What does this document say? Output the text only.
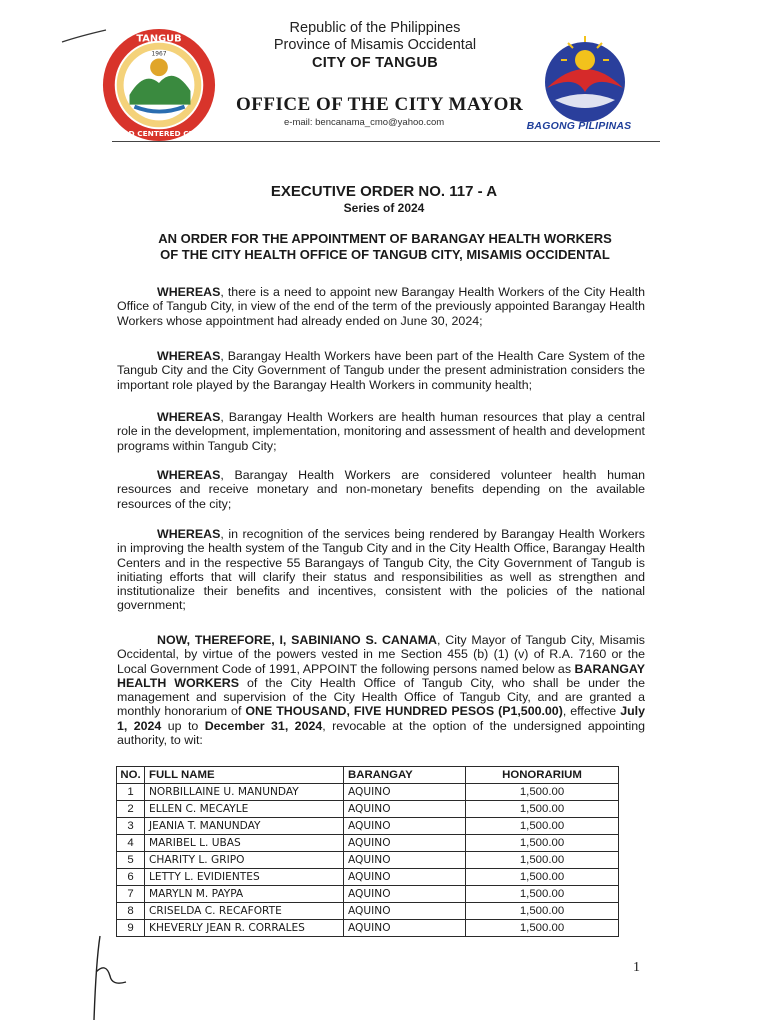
TANGUB
GOD CENTERED CITY
1967
Republic of the Philippines
Province of Misamis Occidental
CITY OF TANGUB
OFFICE OF THE CITY MAYOR
e-mail: bencanama_cmo@yahoo.com	BAGONG PILIPINAS
EXECUTIVE ORDER NO. 117 - A
Series of 2024
AN ORDER FOR THE APPOINTMENT OF BARANGAY HEALTH WORKERS
OF THE CITY HEALTH OFFICE OF TANGUB CITY, MISAMIS OCCIDENTAL
WHEREAS, there is a need to appoint new Barangay Health Workers of the City Health Office of Tangub City, in view of the end of the term of the previously appointed Barangay Health Workers whose appointment had already ended on June 30, 2024;
WHEREAS, Barangay Health Workers have been part of the Health Care System of the Tangub City and the City Government of Tangub under the present administration considers the important role played by the Barangay Health Workers in community health;
WHEREAS, Barangay Health Workers are health human resources that play a central role in the development, implementation, monitoring and assessment of health and development programs within Tangub City;
WHEREAS, Barangay Health Workers are considered volunteer health human resources and receive monetary and non-monetary benefits depending on the available resources of the city;
WHEREAS, in recognition of the services being rendered by Barangay Health Workers in improving the health system of the Tangub City and in the City Health Office, Barangay Health Centers and in the respective 55 Barangays of Tangub City, the City Government of Tangub is initiating efforts that will clarify their status and responsibilities as well as strengthen and institutionalize their benefits and incentives, consistent with the policies of the national government;
NOW, THEREFORE, I, SABINIANO S. CANAMA, City Mayor of Tangub City, Misamis Occidental, by virtue of the powers vested in me Section 455 (b) (1) (v) of R.A. 7160 or the Local Government Code of 1991, APPOINT the following persons named below as BARANGAY HEALTH WORKERS of the City Health Office of Tangub City, who shall be under the management and supervision of the City Health Office of Tangub City, and are granted a monthly honorarium of ONE THOUSAND, FIVE HUNDRED PESOS (P1,500.00), effective July 1, 2024 up to December 31, 2024, revocable at the option of the undersigned appointing authority, to wit:
NO.	FULL NAME	BARANGAY	HONORARIUM
1	NORBILLAINE U. MANUNDAY	AQUINO	1,500.00
2	ELLEN C. MECAYLE	AQUINO	1,500.00
3	JEANIA T. MANUNDAY	AQUINO	1,500.00
4	MARIBEL L. UBAS	AQUINO	1,500.00
5	CHARITY L. GRIPO	AQUINO	1,500.00
6	LETTY L. EVIDIENTES	AQUINO	1,500.00
7	MARYLN M. PAYPA	AQUINO	1,500.00
8	CRISELDA C. RECAFORTE	AQUINO	1,500.00
9	KHEVERLY JEAN R. CORRALES	AQUINO	1,500.00
1
